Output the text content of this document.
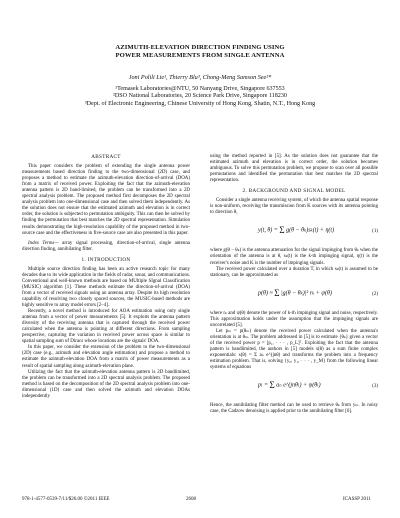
AZIMUTH-ELEVATION DIRECTION FINDING USING
POWER MEASUREMENTS FROM SINGLE ANTENNA
Joni Polili Lie¹, Thierry Blu³, Chong-Meng Samson See²*
¹Temasek Laboratories@NTU, 50 Nanyang Drive, Singapore 637553
²DSO National Laboratories, 20 Science Park Drive, Singapore 118230
³Dept. of Electronic Engineering, Chinese University of Hong Kong, Shatin, N.T., Hong Kong
ABSTRACT

This paper considers the problem of extending the single antenna power measurements based direction finding to the two-dimensional (2D) case, and proposes a method to estimate the azimuth-elevation direction-of-arrival (DOA) from a matrix of received power. Exploiting the fact that the azimuth-elevation antenna pattern is 2D band-limited, the problem can be transformed into a 2D spectral analysis problem. The proposed method first decomposes the 2D spectral analysis problem into one-dimensional case and then solved them independently. As the solution does not ensure that the estimated azimuth and elevation is in correct order, the solution is subjected to permutation ambiguity. This can then be solved by finding the permutation that best matches the 2D spectral representation. Simulation results demonstrating the high-resolution capability of the proposed method in two-source case and the effectiveness in five-source case are also presented in this paper.

Index Terms— array signal processing, direction-of-arrival, single antenna direction finding, annihilating filter.

1. INTRODUCTION

Multiple source direction finding has been an active research topic for many decades due to its wide application in the fields of radar, sonar, and communications. Conventional and well-known methods are based on MUltiple SIgnal Classification (MUSIC) algorithm [1]. These methods estimate the direction-of-arrival (DOA) from a vector of received signals using an antenna array. Despite its high resolution capability of resolving two closely spaced sources, the MUSIC-based methods are highly sensitive to array model errors [2–4].

Recently, a novel method is introduced for AOA estimation using only single antenna from a vector of power measurements [5]. It exploits the antenna pattern diversity of the receiving antenna that is captured through the received power calculated when the antenna is pointing at different directions. From sampling perspective, capturing the variation in received power across space is similar to spatial sampling sum of Diracs whose locations are the signals' DOA.

In this paper, we consider the extension of the problem to the two-dimensional (2D) case (e.g., azimuth and elevation angle estimation) and propose a method to estimate the azimuth-elevation DOA from a matrix of power measurements as a result of spatial sampling along azimuth-elevation plane.

Utilizing the fact that the azimuth-elevation antenna pattern is 2D bandlimited, the problem can be transformed into a 2D spectral analysis problem. The proposed method is based on the decomposition of the 2D spectral analysis problem into one-dimensional (1D) case and then solved the azimuth and elevation DOAs independently

using the method reported in [5]. As the solution does not guarantee that the estimated azimuth and elevation is in correct order, the solution becomes ambiguous. To solve this permutation problem, we propose to scan over all possible permutations and identified the permutation that best matches the 2D spectral representation.

2. BACKGROUND AND SIGNAL MODEL

Consider a single antenna receiving system, of which the antenna spatial response is non-uniform, receiving the transmission from K sources with its antenna pointing to direction θ,

y(t, θ) = Σ g(θ − θₖ)sₖ(t) + η(t)	(1)

where g(θ − θₖ) is the antenna attenuation for the signal impinging from θₖ when the orientation of the antenna is at θ, sₖ(t) is the k-th impinging signal, η(t) is the receiver's noise and K is the number of impinging signals.

The received power calculated over a duration T, in which sₖ(t) is assumed to be stationary, can be approximated as

p(θ) ≈ Σ |g(θ − θₖ)|² rₖ + ψ(θ)	(2)

where rₖ and ψ(θ) denote the power of k-th impinging signal and noise, respectively. This approximation holds under the assumption that the impinging signals are uncorrelated [5].

Let pₘ = p(θₘ) denote the received power calculated when the antenna's orientation is at θₘ. The problem addressed in [5] is to estimate {θₖ} given a vector of the received power p = [p₁, · · · , p_L]ᵀ. Exploiting the fact that the antenna pattern is bandlimited, the authors in [5] models s(θ) as a sum finite complex exponentials: s(θ) = Σ aₙ e^(jnθ) and transforms the problem into a frequency estimation problem. That is, solving {y₀, y₁, · · · , y_M} from the following linear systems of equations

pₗ = Σ aₙ e^(jnθₗ) + ψ(θₗ)	(3)

Hence, the annihilating filter method can be used to retrieve θₖ from yₘ. In noisy case, the Cadzow denoising is applied prior to the annihilating filter [6].

978-1-4577-0539-7/11/$26.00 ©2011 IEEE	2608	ICASSP 2011
